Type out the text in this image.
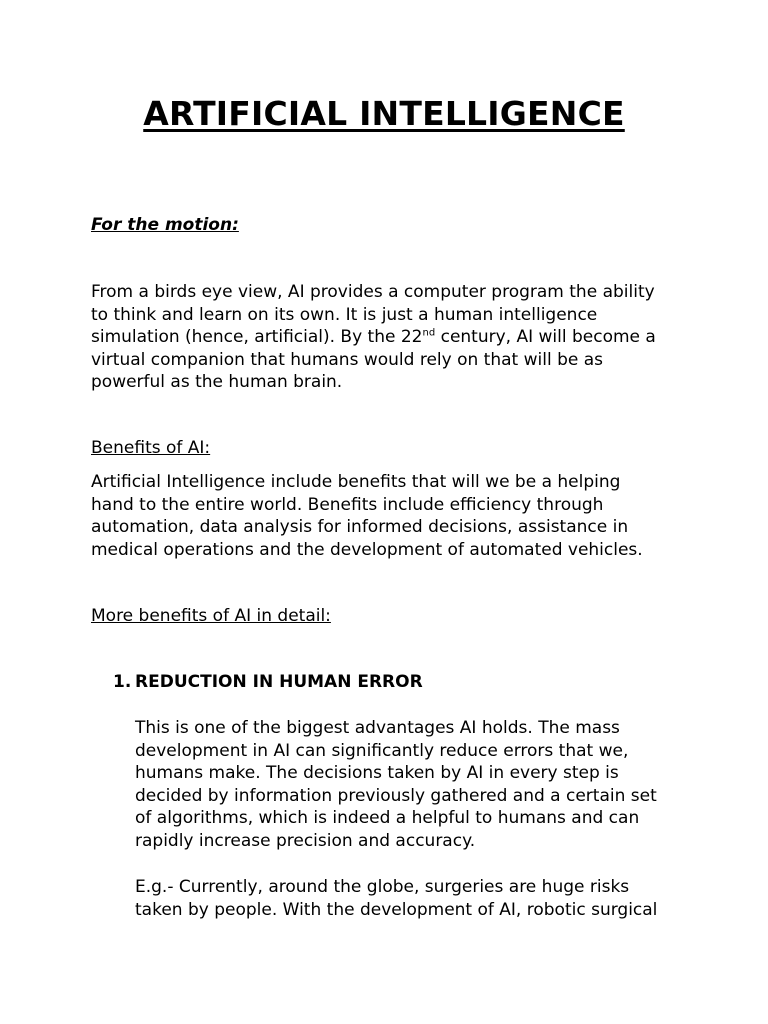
ARTIFICIAL INTELLIGENCE
For the motion:
From a birds eye view, AI provides a computer program the ability
to think and learn on its own. It is just a human intelligence
simulation (hence, artificial). By the 22nd century, AI will become a
virtual companion that humans would rely on that will be as
powerful as the human brain.
Benefits of AI:
Artificial Intelligence include benefits that will we be a helping
hand to the entire world. Benefits include efficiency through
automation, data analysis for informed decisions, assistance in
medical operations and the development of automated vehicles.
More benefits of AI in detail:
1. REDUCTION IN HUMAN ERROR
This is one of the biggest advantages AI holds. The mass
development in AI can significantly reduce errors that we,
humans make. The decisions taken by AI in every step is
decided by information previously gathered and a certain set
of algorithms, which is indeed a helpful to humans and can
rapidly increase precision and accuracy.
E.g.- Currently, around the globe, surgeries are huge risks
taken by people. With the development of AI, robotic surgical
